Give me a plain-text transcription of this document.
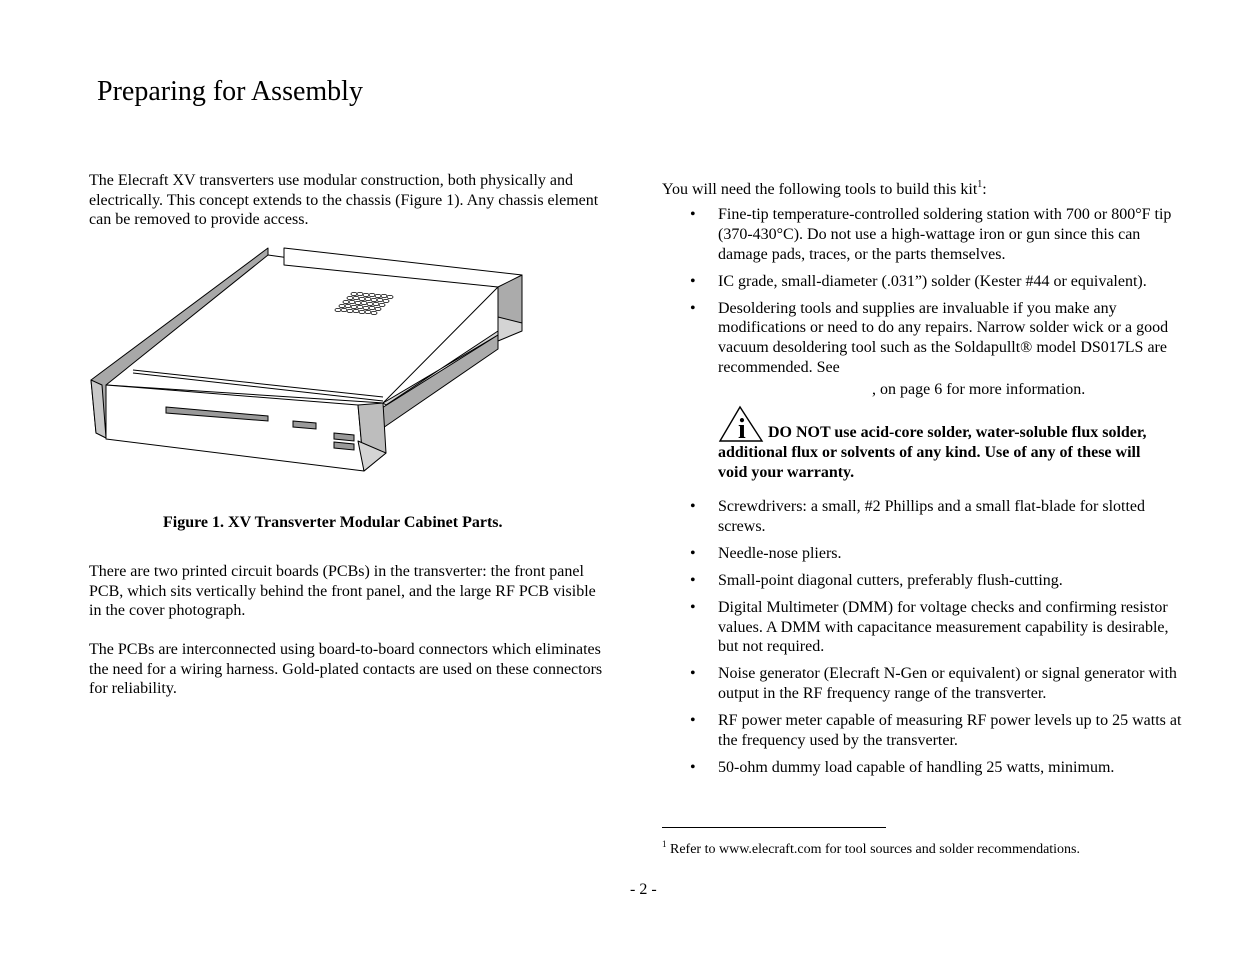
Preparing for Assembly

The Elecraft XV transverters use modular construction, both physically and electrically. This concept extends to the chassis (Figure 1). Any chassis element can be removed to provide access.

Figure 1. XV Transverter Modular Cabinet Parts.

There are two printed circuit boards (PCBs) in the transverter: the front panel PCB, which sits vertically behind the front panel, and the large RF PCB visible in the cover photograph.

The PCBs are interconnected using board-to-board connectors which eliminates the need for a wiring harness. Gold-plated contacts are used on these connectors for reliability.

You will need the following tools to build this kit$^1$:
• Fine-tip temperature-controlled soldering station with 700 or 800°F tip (370-430°C). Do not use a high-wattage iron or gun since this can damage pads, traces, or the parts themselves.
• IC grade, small-diameter (.031”) solder (Kester #44 or equivalent).
• Desoldering tools and supplies are invaluable if you make any modifications or need to do any repairs. Narrow solder wick or a good vacuum desoldering tool such as the Soldapullt® model DS017LS are recommended. See
, on page 6 for more information.
i DO NOT use acid-core solder, water-soluble flux solder, additional flux or solvents of any kind. Use of any of these will void your warranty.
• Screwdrivers: a small, #2 Phillips and a small flat-blade for slotted screws.
• Needle-nose pliers.
• Small-point diagonal cutters, preferably flush-cutting.
• Digital Multimeter (DMM) for voltage checks and confirming resistor values. A DMM with capacitance measurement capability is desirable, but not required.
• Noise generator (Elecraft N-Gen or equivalent) or signal generator with output in the RF frequency range of the transverter.
• RF power meter capable of measuring RF power levels up to 25 watts at the frequency used by the transverter.
• 50-ohm dummy load capable of handling 25 watts, minimum.
$^1$ Refer to www.elecraft.com for tool sources and solder recommendations.
- 2 -
